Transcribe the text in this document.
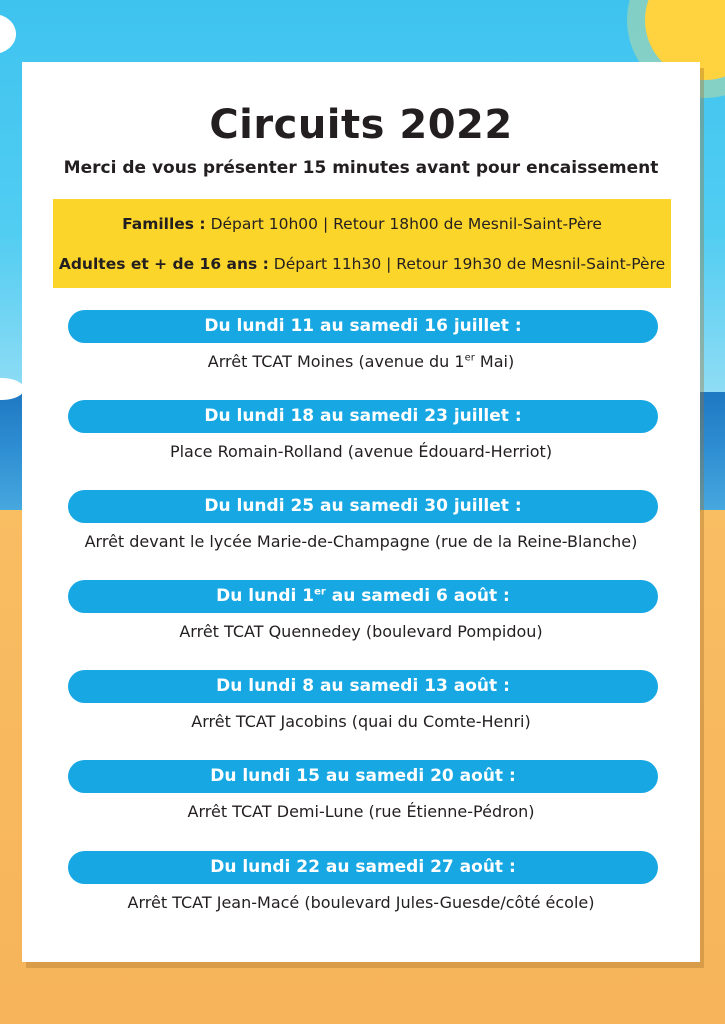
Circuits 2022
Merci de vous présenter 15 minutes avant pour encaissement
Familles : Départ 10h00 | Retour 18h00 de Mesnil-Saint-Père
Adultes et + de 16 ans : Départ 11h30 | Retour 19h30 de Mesnil-Saint-Père
Du lundi 11 au samedi 16 juillet :
Arrêt TCAT Moines (avenue du 1er Mai)
Du lundi 18 au samedi 23 juillet :
Place Romain-Rolland (avenue Édouard-Herriot)
Du lundi 25 au samedi 30 juillet :
Arrêt devant le lycée Marie-de-Champagne (rue de la Reine-Blanche)
Du lundi 1er au samedi 6 août :
Arrêt TCAT Quennedey (boulevard Pompidou)
Du lundi 8 au samedi 13 août :
Arrêt TCAT Jacobins (quai du Comte-Henri)
Du lundi 15 au samedi 20 août :
Arrêt TCAT Demi-Lune (rue Étienne-Pédron)
Du lundi 22 au samedi 27 août :
Arrêt TCAT Jean-Macé (boulevard Jules-Guesde/côté école)
